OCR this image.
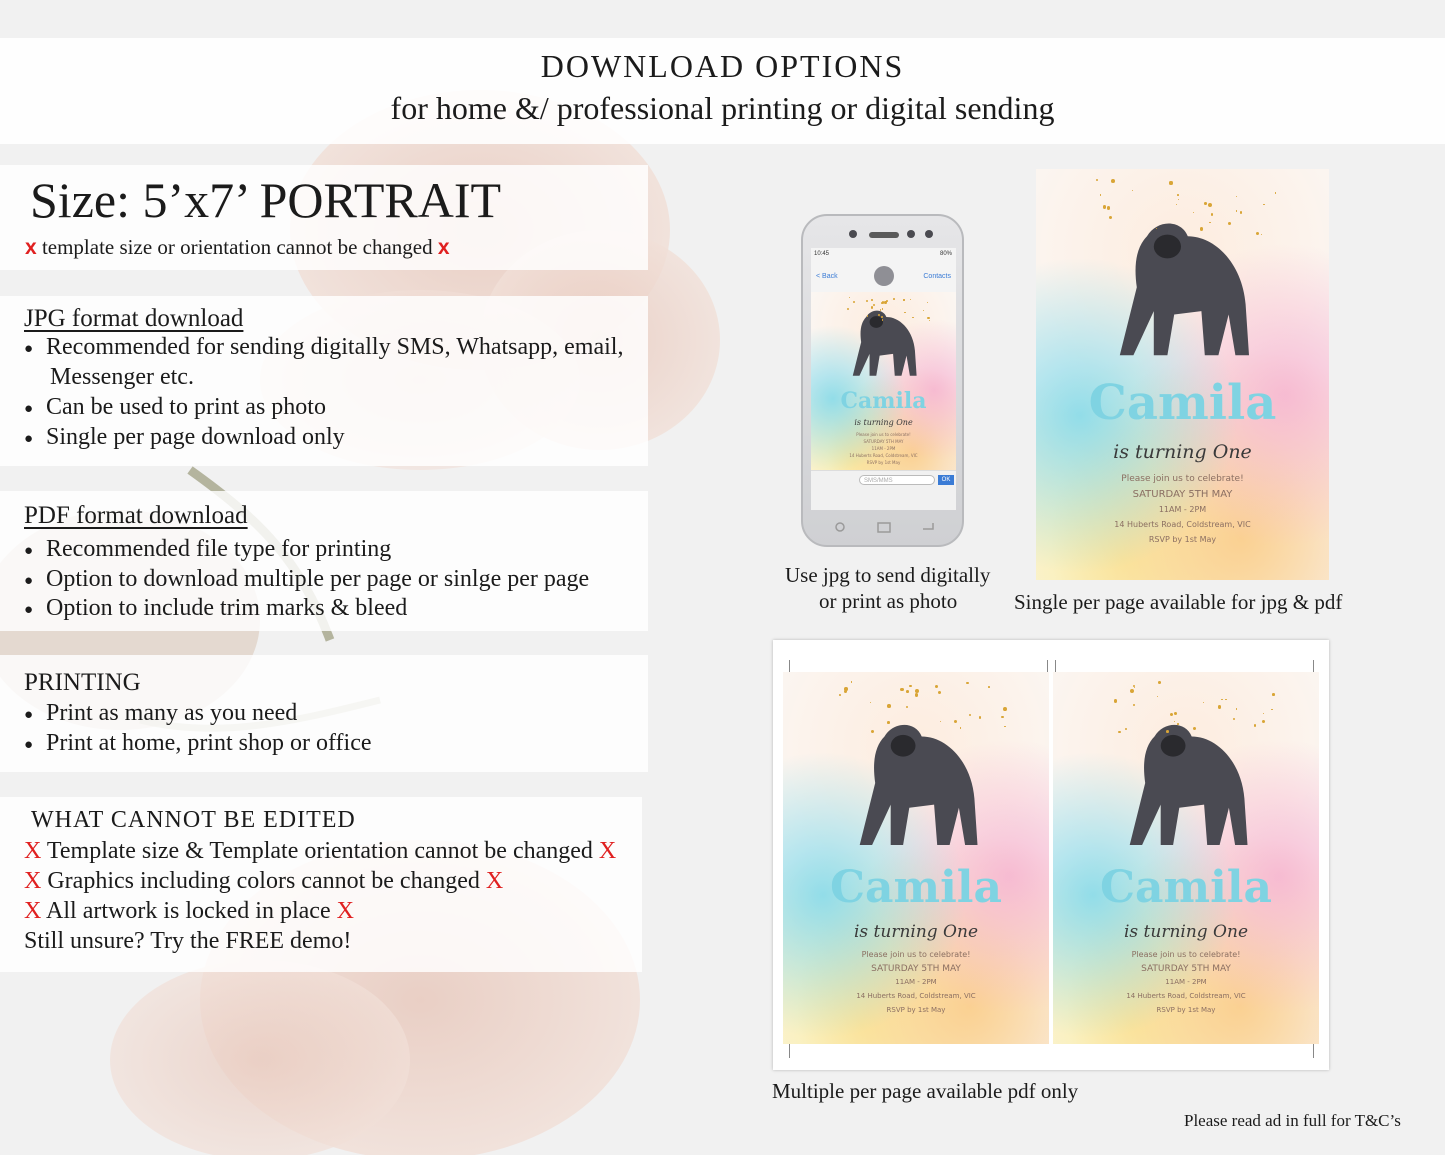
DOWNLOAD OPTIONS
for home &/ professional printing or digital sending
Size: 5’x7’ PORTRAIT
x template size or orientation cannot be changed x
JPG format download
● Recommended for sending digitally SMS, Whatsapp, email,
Messenger etc.
● Can be used to print as photo
● Single per page download only
PDF format download
● Recommended file type for printing
● Option to download multiple per page or sinlge per page
● Option to include trim marks & bleed
PRINTING
● Print as many as you need
● Print at home, print shop or office
WHAT CANNOT BE EDITED
X Template size & Template orientation cannot be changed X
X Graphics including colors cannot be changed X
X All artwork is locked in place X
Still unsure? Try the FREE demo!
10:45	80%
< Back	Contacts
Camila
is turning One
Please join us to celebrate!
SATURDAY 5TH MAY
11AM - 2PM
14 Huberts Road, Coldstream, VIC
RSVP by 1st May
SMS/MMS	OK
Use jpg to send digitally
or print as photo
Camila
is turning One
Please join us to celebrate!
SATURDAY 5TH MAY
11AM - 2PM
14 Huberts Road, Coldstream, VIC
RSVP by 1st May
Single per page available for jpg & pdf
Camila
is turning One
Please join us to celebrate!
SATURDAY 5TH MAY
11AM - 2PM
14 Huberts Road, Coldstream, VIC
RSVP by 1st May
Camila
is turning One
Please join us to celebrate!
SATURDAY 5TH MAY
11AM - 2PM
14 Huberts Road, Coldstream, VIC
RSVP by 1st May
Multiple per page available pdf only
Please read ad in full for T&C’s
